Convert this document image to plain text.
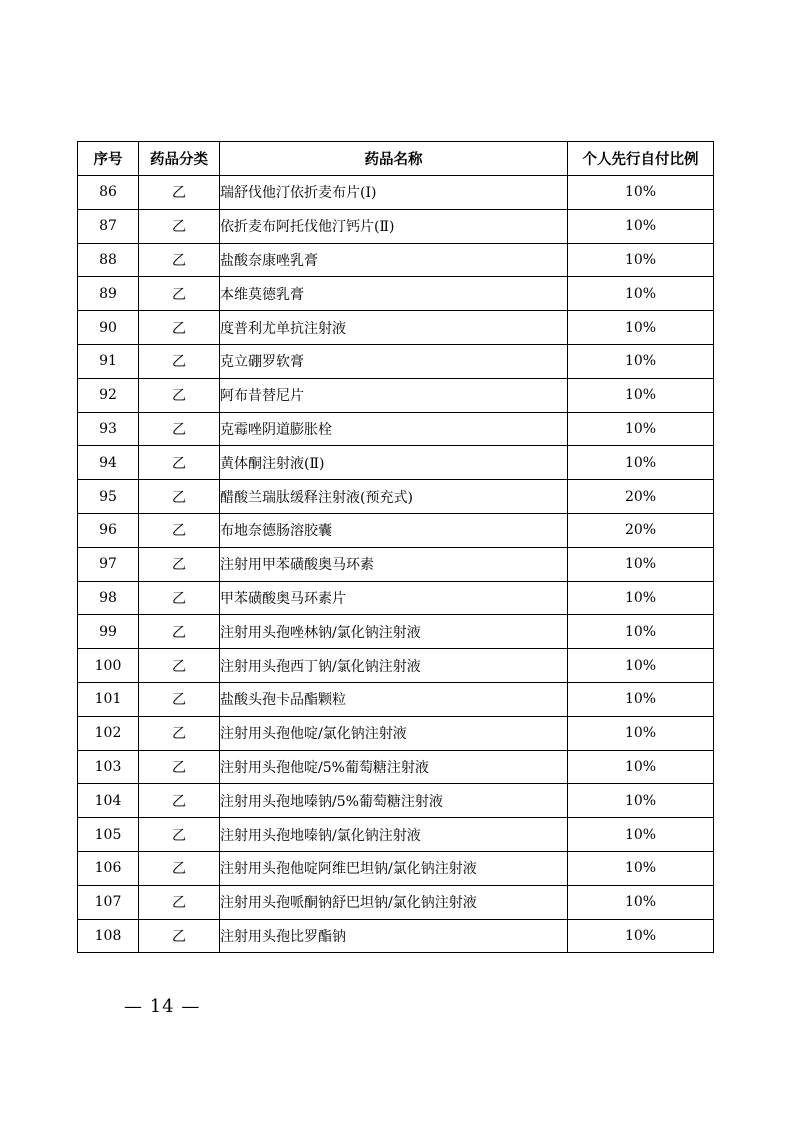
序号	药品分类	药品名称	个人先行自付比例
86	乙	瑞舒伐他汀依折麦布片(Ⅰ)	10%
87	乙	依折麦布阿托伐他汀钙片(Ⅱ)	10%
88	乙	盐酸奈康唑乳膏	10%
89	乙	本维莫德乳膏	10%
90	乙	度普利尤单抗注射液	10%
91	乙	克立硼罗软膏	10%
92	乙	阿布昔替尼片	10%
93	乙	克霉唑阴道膨胀栓	10%
94	乙	黄体酮注射液(Ⅱ)	10%
95	乙	醋酸兰瑞肽缓释注射液(预充式)	20%
96	乙	布地奈德肠溶胶囊	20%
97	乙	注射用甲苯磺酸奥马环素	10%
98	乙	甲苯磺酸奥马环素片	10%
99	乙	注射用头孢唑林钠/氯化钠注射液	10%
100	乙	注射用头孢西丁钠/氯化钠注射液	10%
101	乙	盐酸头孢卡品酯颗粒	10%
102	乙	注射用头孢他啶/氯化钠注射液	10%
103	乙	注射用头孢他啶/5%葡萄糖注射液	10%
104	乙	注射用头孢地嗪钠/5%葡萄糖注射液	10%
105	乙	注射用头孢地嗪钠/氯化钠注射液	10%
106	乙	注射用头孢他啶阿维巴坦钠/氯化钠注射液	10%
107	乙	注射用头孢哌酮钠舒巴坦钠/氯化钠注射液	10%
108	乙	注射用头孢比罗酯钠	10%
— 14 —
